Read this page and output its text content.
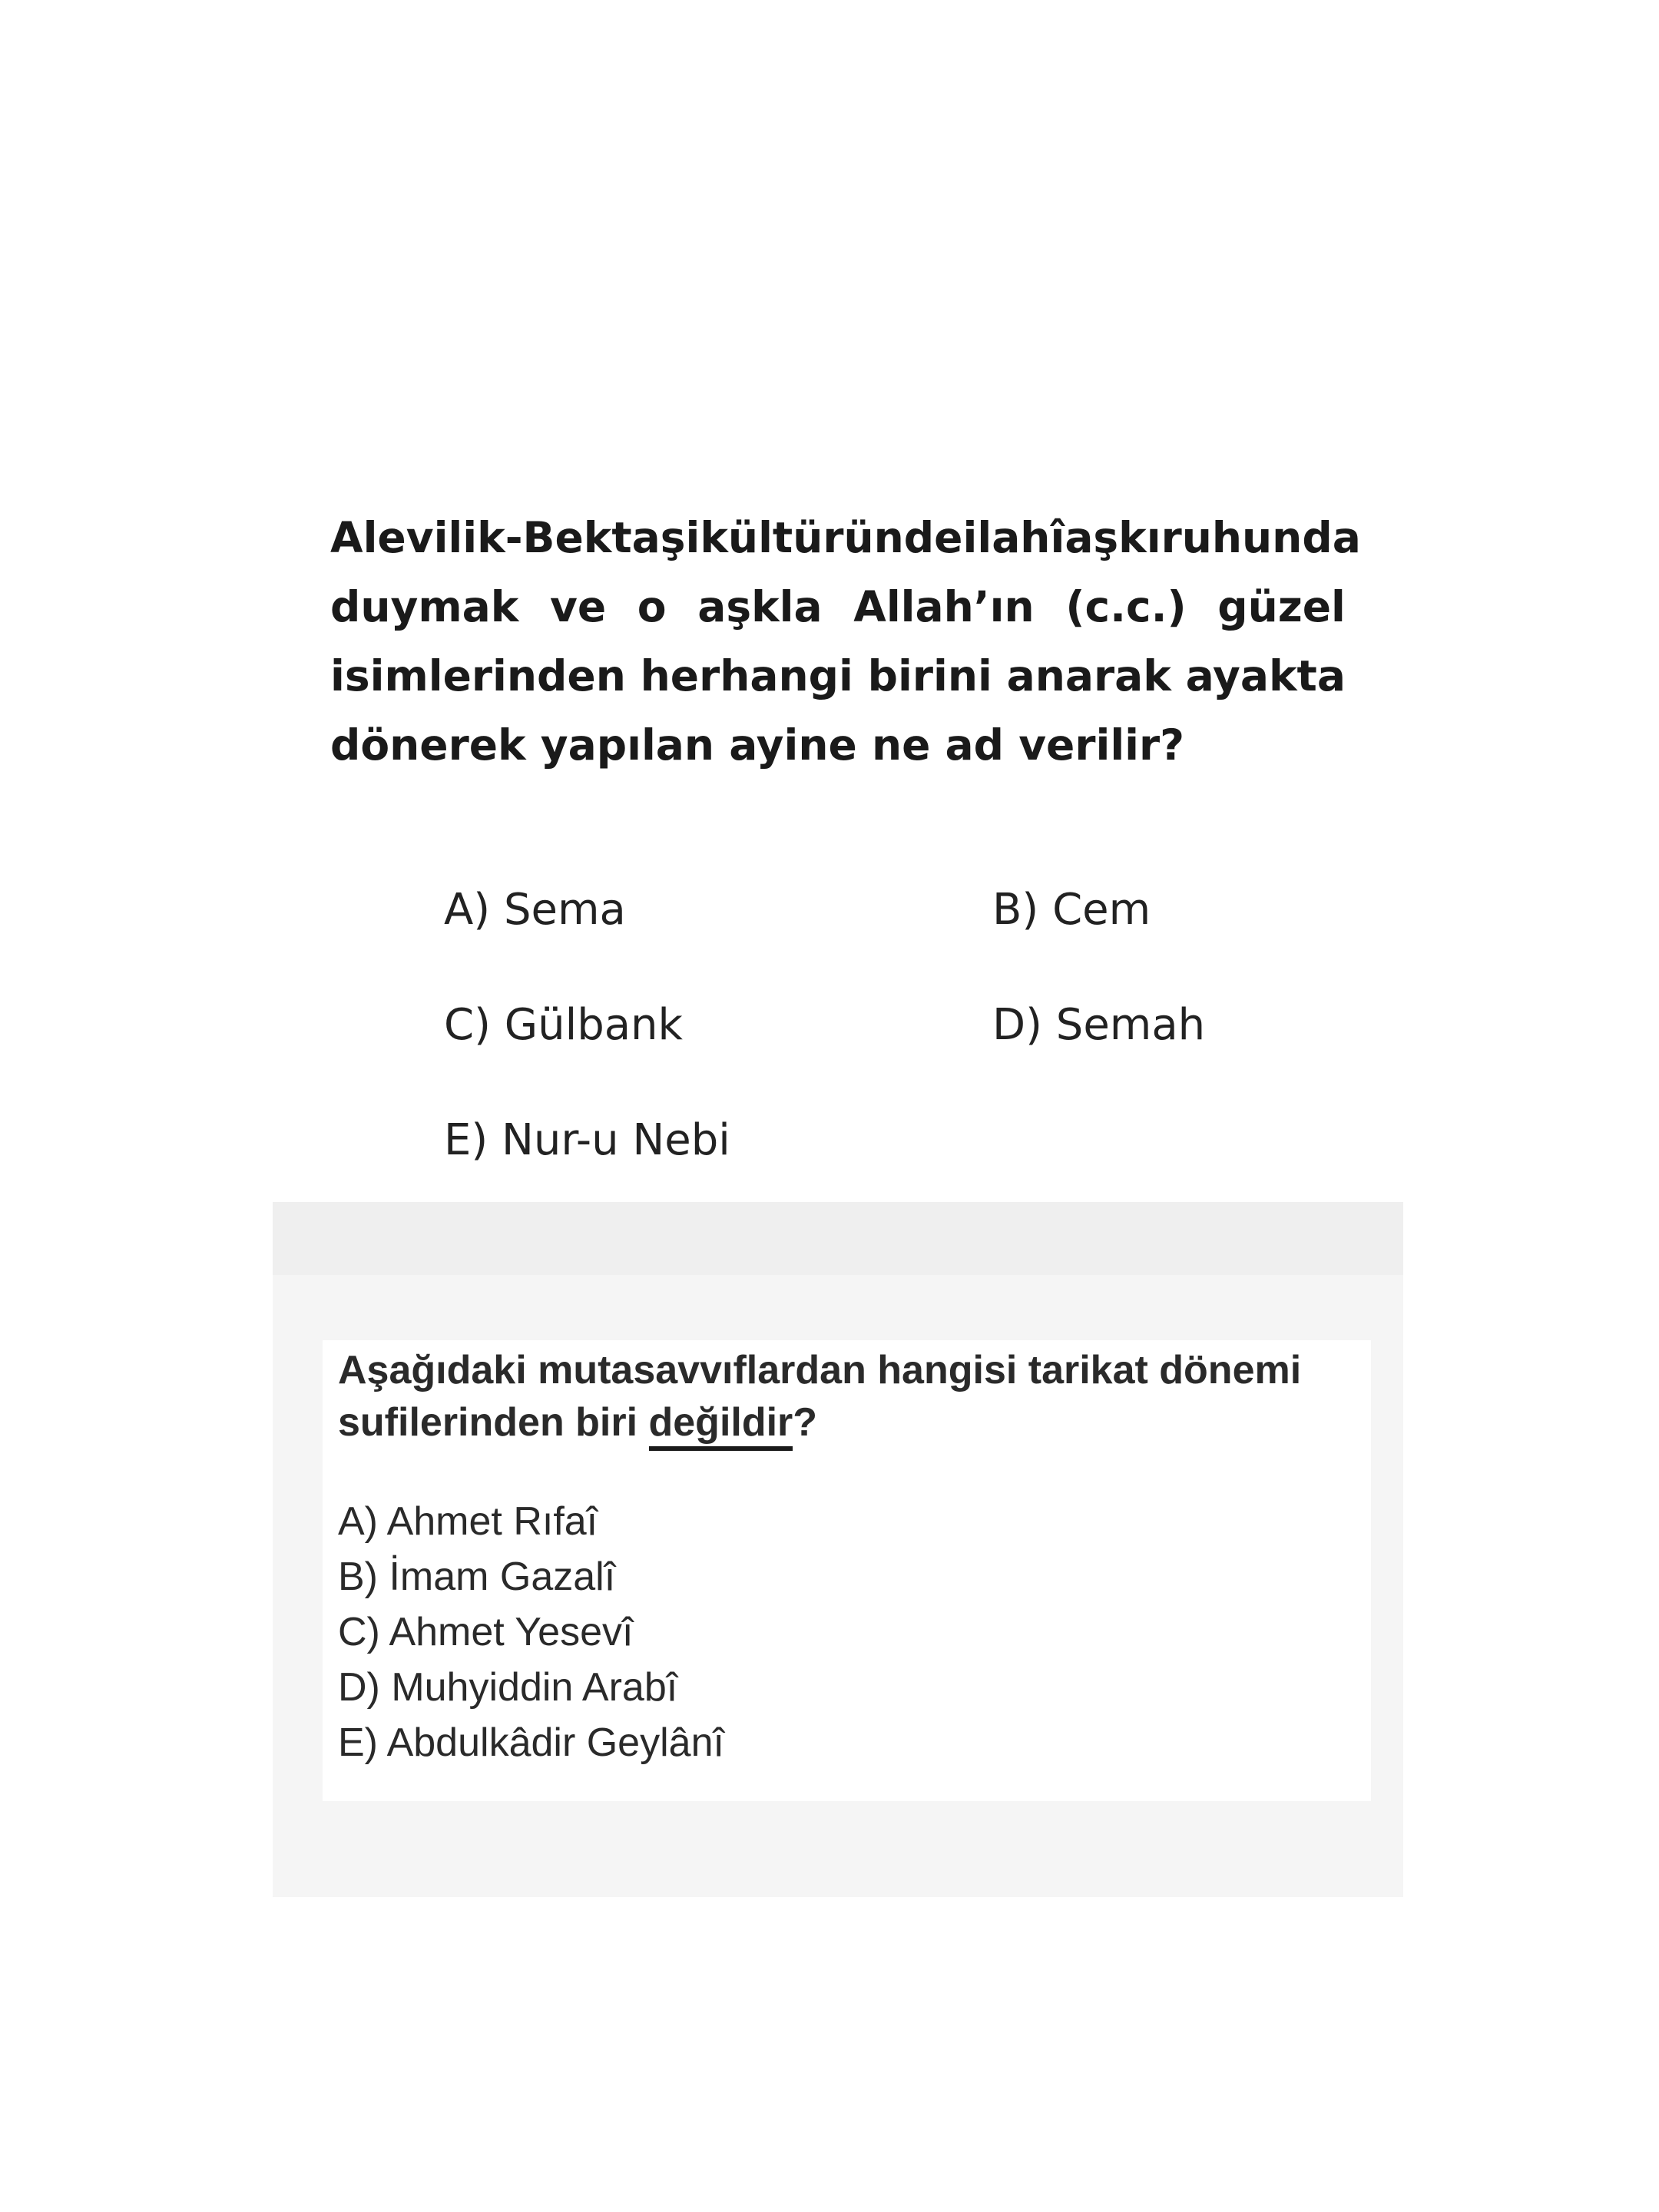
Alevilik-Bektaşi kültüründe ilahî aşkı ruhunda
duymak ve o aşkla Allah’ın (c.c.) güzel
isimlerinden herhangi birini anarak ayakta
dönerek yapılan ayine ne ad verilir?
A) Sema	B) Cem
C) Gülbank	D) Semah
E) Nur-u Nebi
Aşağıdaki mutasavvıflardan hangisi tarikat dönemi
sufilerinden biri değildir?
A) Ahmet Rıfaî
B) İmam Gazalî
C) Ahmet Yesevî
D) Muhyiddin Arabî
E) Abdulkâdir Geylânî
